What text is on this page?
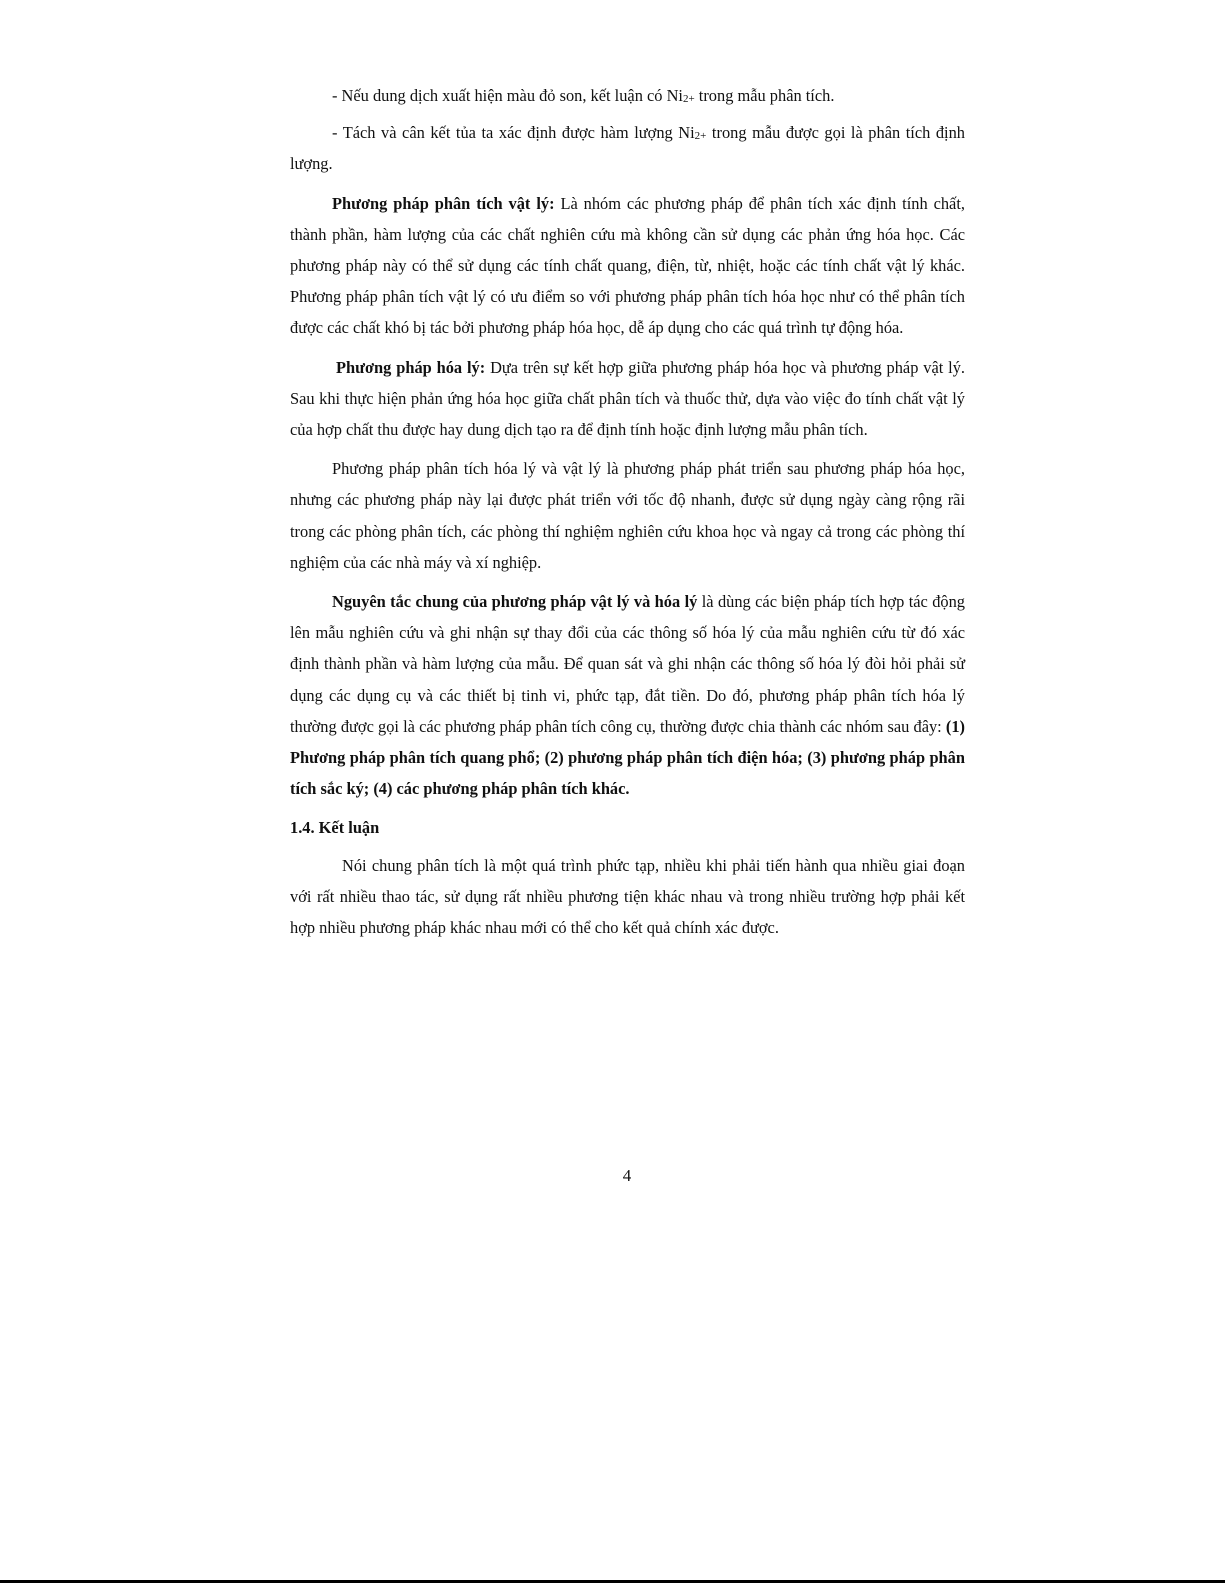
- Nếu dung dịch xuất hiện màu đỏ son, kết luận có $Ni_{2+}$ trong mẫu phân tích.

- Tách và cân kết tủa ta xác định được hàm lượng $Ni_{2+}$ trong mẫu được gọi là phân tích định lượng.

Phương pháp phân tích vật lý: Là nhóm các phương pháp để phân tích xác định tính chất, thành phần, hàm lượng của các chất nghiên cứu mà không cần sử dụng các phản ứng hóa học. Các phương pháp này có thể sử dụng các tính chất quang, điện, từ, nhiệt, hoặc các tính chất vật lý khác. Phương pháp phân tích vật lý có ưu điểm so với phương pháp phân tích hóa học như có thể phân tích được các chất khó bị tác bởi phương pháp hóa học, dễ áp dụng cho các quá trình tự động hóa.

Phương pháp hóa lý: Dựa trên sự kết hợp giữa phương pháp hóa học và phương pháp vật lý. Sau khi thực hiện phản ứng hóa học giữa chất phân tích và thuốc thử, dựa vào việc đo tính chất vật lý của hợp chất thu được hay dung dịch tạo ra để định tính hoặc định lượng mẫu phân tích.

Phương pháp phân tích hóa lý và vật lý là phương pháp phát triển sau phương pháp hóa học, nhưng các phương pháp này lại được phát triển với tốc độ nhanh, được sử dụng ngày càng rộng rãi trong các phòng phân tích, các phòng thí nghiệm nghiên cứu khoa học và ngay cả trong các phòng thí nghiệm của các nhà máy và xí nghiệp.

Nguyên tắc chung của phương pháp vật lý và hóa lý là dùng các biện pháp tích hợp tác động lên mẫu nghiên cứu và ghi nhận sự thay đổi của các thông số hóa lý của mẫu nghiên cứu từ đó xác định thành phần và hàm lượng của mẫu. Để quan sát và ghi nhận các thông số hóa lý đòi hỏi phải sử dụng các dụng cụ và các thiết bị tinh vi, phức tạp, đắt tiền. Do đó, phương pháp phân tích hóa lý thường được gọi là các phương pháp phân tích công cụ, thường được chia thành các nhóm sau đây: (1) Phương pháp phân tích quang phổ; (2) phương pháp phân tích điện hóa; (3) phương pháp phân tích sắc ký; (4) các phương pháp phân tích khác.

1.4. Kết luận

Nói chung phân tích là một quá trình phức tạp, nhiều khi phải tiến hành qua nhiều giai đoạn với rất nhiều thao tác, sử dụng rất nhiều phương tiện khác nhau và trong nhiều trường hợp phải kết hợp nhiều phương pháp khác nhau mới có thể cho kết quả chính xác được.

4
